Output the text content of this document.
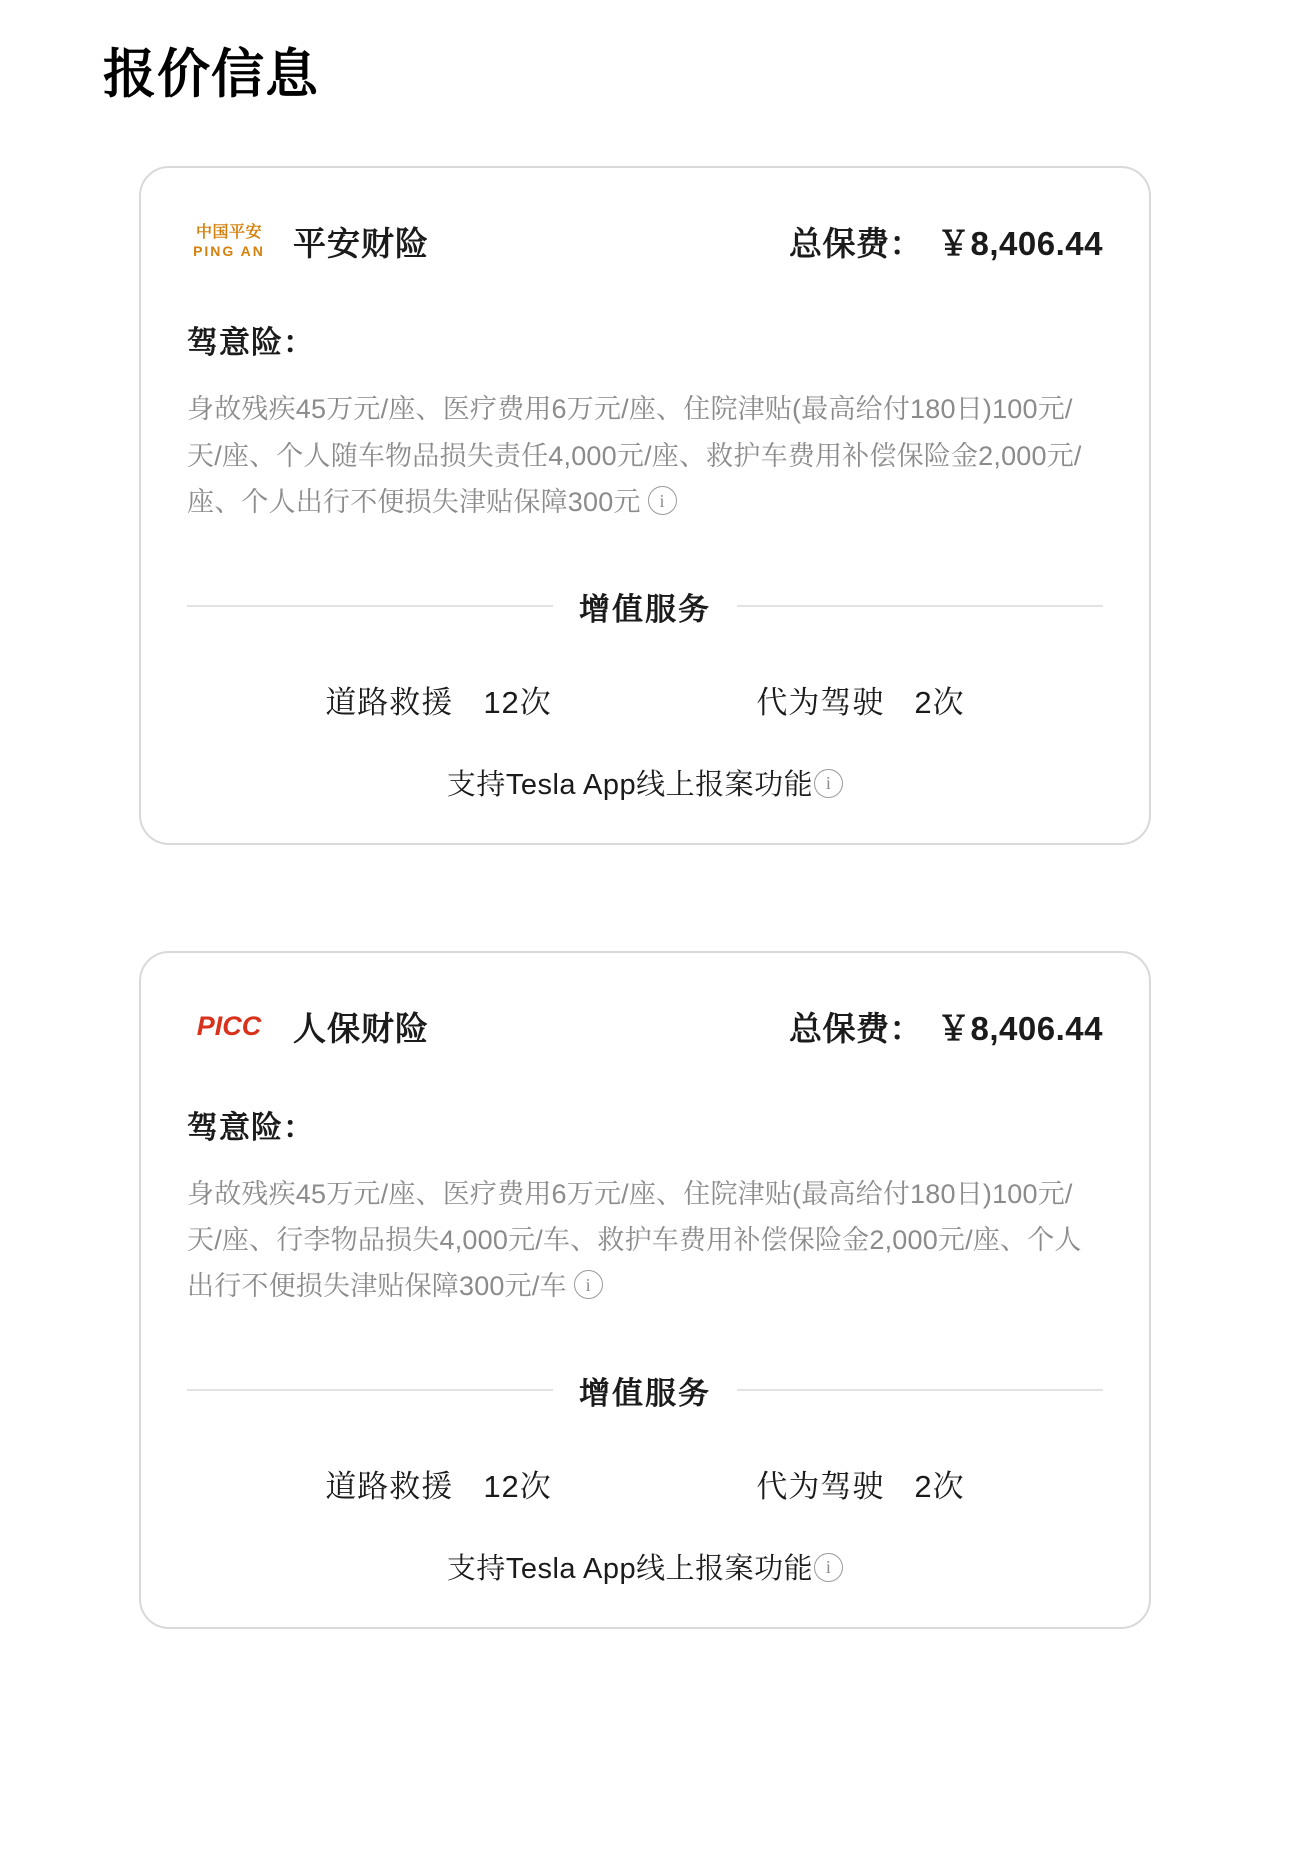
报价信息
中国平安
PING AN 平安财险	总保费： ￥8,406.44
驾意险：
身故残疾45万元/座、医疗费用6万元/座、住院津贴(最高给付180日)100元/天/座、个人随车物品损失责任4,000元/座、救护车费用补偿保险金2,000元/座、个人出行不便损失津贴保障300元i
增值服务
道路救援 12次	代为驾驶 2次
支持Tesla App线上报案功能i
PICC 人保财险	总保费： ￥8,406.44
驾意险：
身故残疾45万元/座、医疗费用6万元/座、住院津贴(最高给付180日)100元/天/座、行李物品损失4,000元/车、救护车费用补偿保险金2,000元/座、个人出行不便损失津贴保障300元/车i
增值服务
道路救援 12次	代为驾驶 2次
支持Tesla App线上报案功能i
